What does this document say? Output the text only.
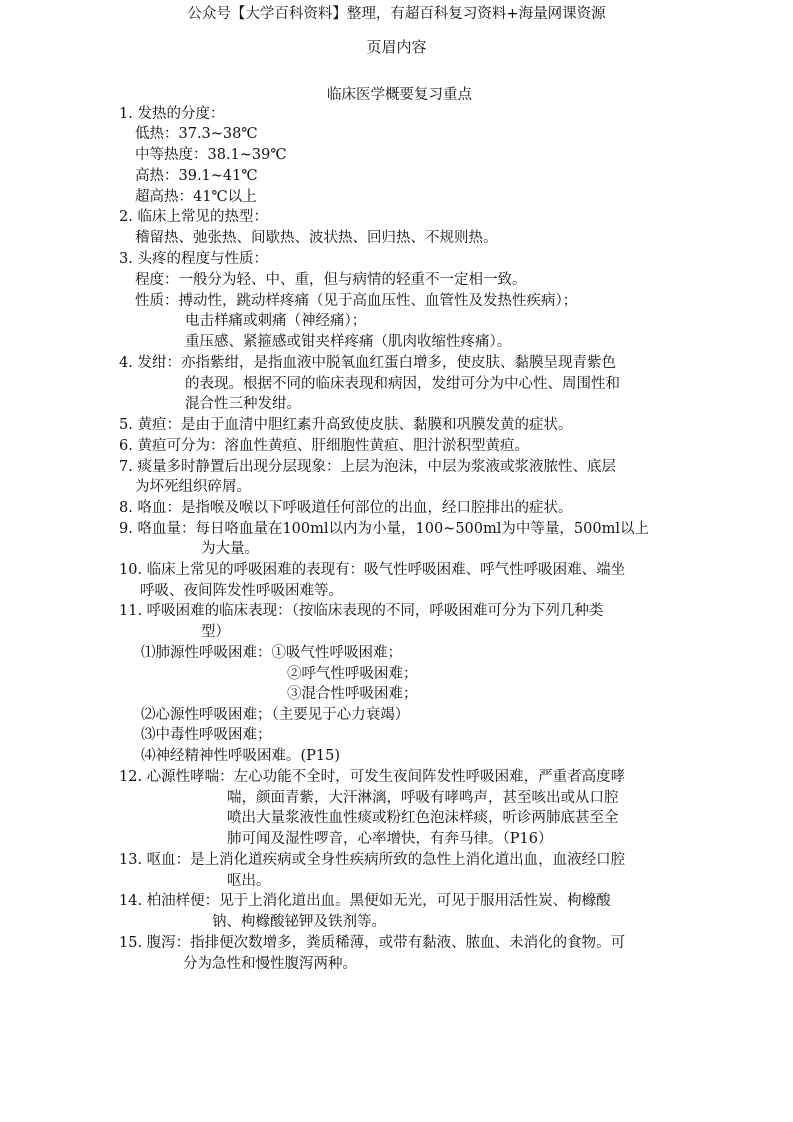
公众号【大学百科资料】整理，有超百科复习资料+海量网课资源
页眉内容
临床医学概要复习重点
1. 发热的分度：
低热：37.3~38℃
中等热度：38.1~39℃
高热：39.1~41℃
超高热：41℃以上
2. 临床上常见的热型：
稽留热、弛张热、间歇热、波状热、回归热、不规则热。
3. 头疼的程度与性质：
程度：一般分为轻、中、重，但与病情的轻重不一定相一致。
性质：搏动性，跳动样疼痛（见于高血压性、血管性及发热性疾病）；
电击样痛或刺痛（神经痛）；
重压感、紧箍感或钳夹样疼痛（肌肉收缩性疼痛）。
4. 发绀：亦指紫绀，是指血液中脱氧血红蛋白增多，使皮肤、黏膜呈现青紫色
的表现。根据不同的临床表现和病因，发绀可分为中心性、周围性和
混合性三种发绀。
5. 黄疸：是由于血清中胆红素升高致使皮肤、黏膜和巩膜发黄的症状。
6. 黄疸可分为：溶血性黄疸、肝细胞性黄疸、胆汁淤积型黄疸。
7. 痰量多时静置后出现分层现象：上层为泡沫，中层为浆液或浆液脓性、底层
为坏死组织碎屑。
8. 咯血：是指喉及喉以下呼吸道任何部位的出血，经口腔排出的症状。
9. 咯血量：每日咯血量在100ml以内为小量，100~500ml为中等量，500ml以上
为大量。
10. 临床上常见的呼吸困难的表现有：吸气性呼吸困难、呼气性呼吸困难、端坐
呼吸、夜间阵发性呼吸困难等。
11. 呼吸困难的临床表现：（按临床表现的不同，呼吸困难可分为下列几种类
型）
⑴肺源性呼吸困难：①吸气性呼吸困难；
②呼气性呼吸困难；
③混合性呼吸困难；
⑵心源性呼吸困难；（主要见于心力衰竭）
⑶中毒性呼吸困难；
⑷神经精神性呼吸困难。(P15)
12. 心源性哮喘：左心功能不全时，可发生夜间阵发性呼吸困难，严重者高度哮
喘，颜面青紫，大汗淋漓，呼吸有哮鸣声，甚至咳出或从口腔
喷出大量浆液性血性痰或粉红色泡沫样痰，听诊两肺底甚至全
肺可闻及湿性啰音，心率增快，有奔马律。（P16）
13. 呕血：是上消化道疾病或全身性疾病所致的急性上消化道出血，血液经口腔
呕出。
14. 柏油样便：见于上消化道出血。黑便如无光，可见于服用活性炭、枸橼酸
钠、枸橼酸铋钾及铁剂等。
15. 腹泻：指排便次数增多，粪质稀薄，或带有黏液、脓血、未消化的食物。可
分为急性和慢性腹泻两种。
